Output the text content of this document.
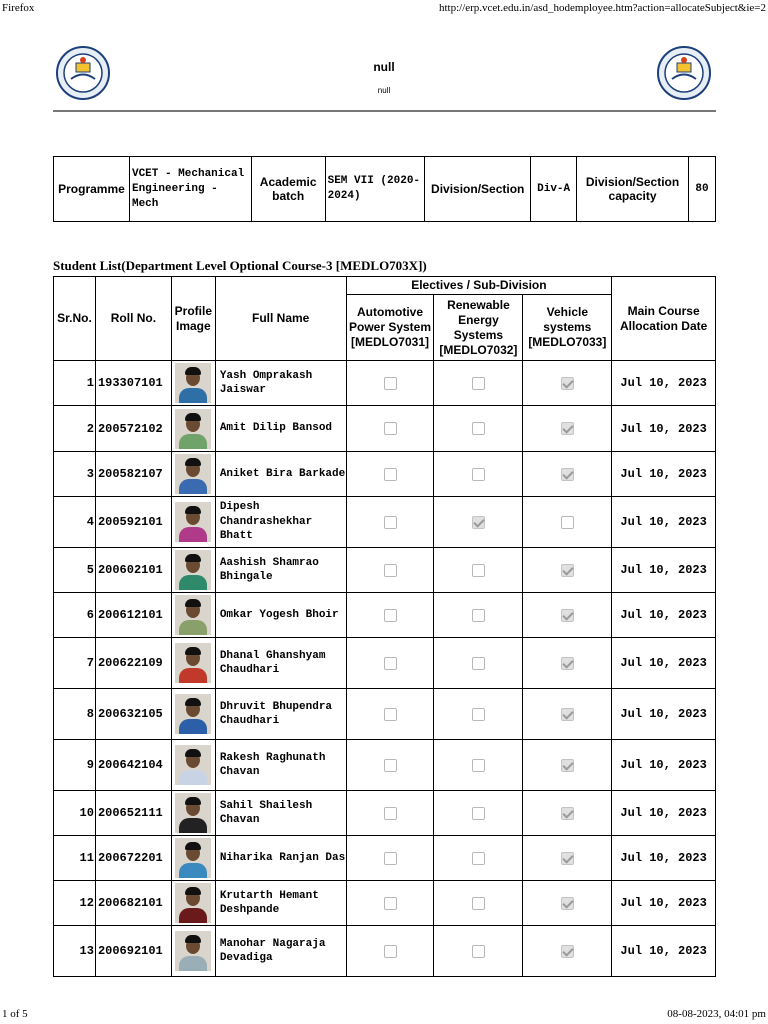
Firefox	http://erp.vcet.edu.in/asd_hodemployee.htm?action=allocateSubject&ie=2
null
null
Programme	VCET - Mechanical Engineering - Mech	Academic batch	SEM VII (2020-2024)	Division/Section	Div-A	Division/Section capacity	80
Student List(Department Level Optional Course-3 [MEDLO703X])
Sr.No.	Roll No.	Profile Image	Full Name	Electives / Sub-Division			Main Course Allocation Date
				Automotive Power System [MEDLO7031]	Renewable Energy Systems [MEDLO7032]	Vehicle systems [MEDLO7033]	
1	193307101		Yash Omprakash Jaiswar				Jul 10, 2023
2	200572102		Amit Dilip Bansod				Jul 10, 2023
3	200582107		Aniket Bira Barkade				Jul 10, 2023
4	200592101		Dipesh Chandrashekhar Bhatt				Jul 10, 2023
5	200602101		Aashish Shamrao Bhingale				Jul 10, 2023
6	200612101		Omkar Yogesh Bhoir				Jul 10, 2023
7	200622109		Dhanal Ghanshyam Chaudhari				Jul 10, 2023
8	200632105		Dhruvit Bhupendra Chaudhari				Jul 10, 2023
9	200642104		Rakesh Raghunath Chavan				Jul 10, 2023
10	200652111		Sahil Shailesh Chavan				Jul 10, 2023
11	200672201		Niharika Ranjan Das				Jul 10, 2023
12	200682101		Krutarth Hemant Deshpande				Jul 10, 2023
13	200692101		Manohar Nagaraja Devadiga				Jul 10, 2023
1 of 5	08-08-2023, 04:01 pm
